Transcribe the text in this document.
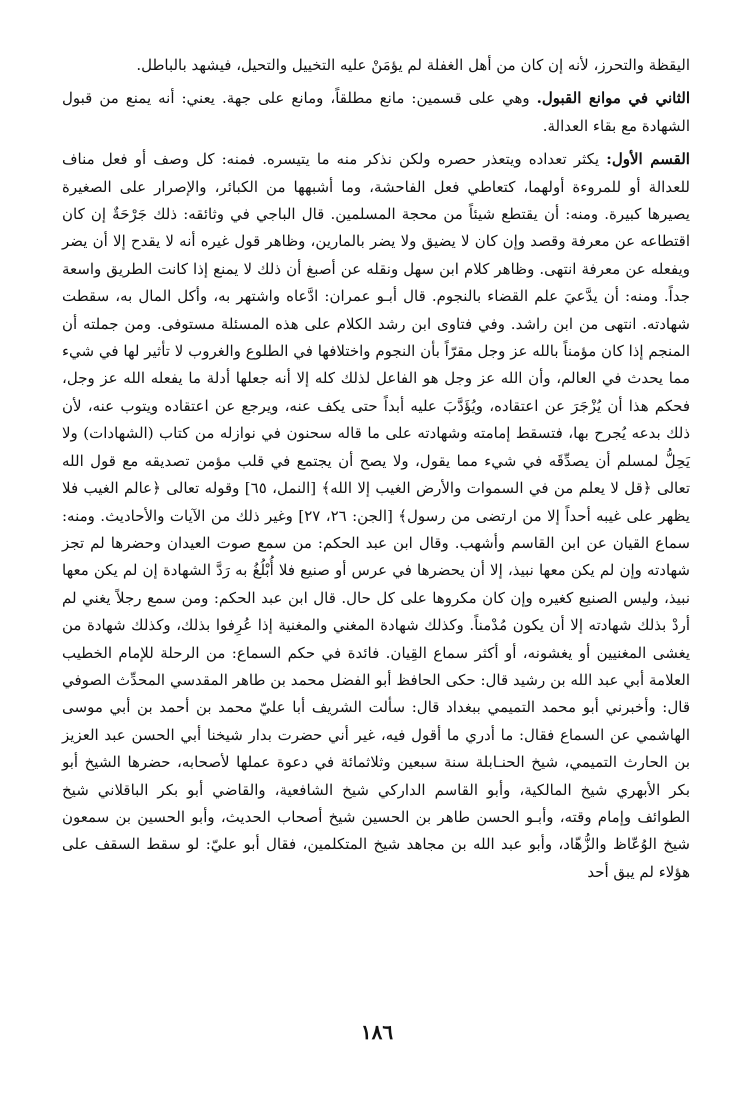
اليقظة والتحرز، لأنه إن كان من أهل الغفلة لم يؤمَنْ عليه التخييل والتحيل، فيشهد بالباطل.

الثاني في موانع القبول. وهي على قسمين: مانع مطلقاً، ومانع على جهة. يعني: أنه يمنع من قبول الشهادة مع بقاء العدالة.

القسم الأول: يكثر تعداده ويتعذر حصره ولكن نذكر منه ما يتيسره. فمنه: كل وصف أو فعل مناف للعدالة أو للمروءة أولهما، كتعاطي فعل الفاحشة، وما أشبهها من الكبائر، والإصرار على الصغيرة يصيرها كبيرة. ومنه: أن يقتطع شيئاً من محجة المسلمين. قال الباجي في وثائقه: ذلك جَرْحَةٌ إن كان اقتطاعه عن معرفة وقصد وإن كان لا يضيق ولا يضر بالمارين، وظاهر قول غيره أنه لا يقدح إلا أن يضر ويفعله عن معرفة انتهى. وظاهر كلام ابن سهل ونقله عن أصبغ أن ذلك لا يمنع إذا كانت الطريق واسعة جداً. ومنه: أن يدَّعيَ علم القضاء بالنجوم. قال أبـو عمران: ادَّعاه واشتهر به، وأكل المال به، سقطت شهادته. انتهى من ابن راشد. وفي فتاوى ابن رشد الكلام على هذه المسئلة مستوفى. ومن جملته أن المنجم إذا كان مؤمناً بالله عز وجل مقرّاً بأن النجوم واختلافها في الطلوع والغروب لا تأثير لها في شيء مما يحدث في العالم، وأن الله عز وجل هو الفاعل لذلك كله إلا أنه جعلها أدلة ما يفعله الله عز وجل، فحكم هذا أن يُزْجَرَ عن اعتقاده، ويُؤَدَّبَ عليه أبداً حتى يكف عنه، ويرجع عن اعتقاده ويتوب عنه، لأن ذلك بدعه يُجرح بها، فتسقط إمامته وشهادته على ما قاله سحنون في نوازله من كتاب (الشهادات) ولا يَحِلُّ لمسلم أن يصدِّقَه في شيء مما يقول، ولا يصح أن يجتمع في قلب مؤمن تصديقه مع قول الله تعالى ﴿قل لا يعلم من في السموات والأرض الغيب إلا الله﴾ [النمل، ٦٥] وقوله تعالى ﴿عالم الغيب فلا يظهر على غيبه أحداً إلا من ارتضى من رسول﴾ [الجن: ٢٦، ٢٧] وغير ذلك من الآيات والأحاديث. ومنه: سماع القيان عن ابن القاسم وأشهب. وقال ابن عبد الحكم: من سمع صوت العيدان وحضرها لم تجز شهادته وإن لم يكن معها نبيذ، إلا أن يحضرها في عرس أو صنيع فلا أُبْلُغُ به رَدَّ الشهادة إن لم يكن معها نبيذ، وليس الصنيع كغيره وإن كان مكروها على كل حال. قال ابن عبد الحكم: ومن سمع رجلاً يغني لم أردْ بذلك شهادته إلا أن يكون مُدْمناً. وكذلك شهادة المغني والمغنية إذا عُرِفوا بذلك، وكذلك شهادة من يغشى المغنيين أو يغشونه، أو أكثر سماع القِيان. فائدة في حكم السماع: من الرحلة للإمام الخطيب العلامة أبي عبد الله بن رشيد قال: حكى الحافظ أبو الفضل محمد بن طاهر المقدسي المحدِّث الصوفي قال: وأخبرني أبو محمد التميمي ببغداد قال: سألت الشريف أبا عليّ محمد بن أحمد بن أبي موسى الهاشمي عن السماع فقال: ما أدري ما أقول فيه، غير أني حضرت بدار شيخنا أبي الحسن عبد العزيز بن الحارث التميمي، شيخ الحنـابلة سنة سبعين وثلاثمائة في دعوة عملها لأصحابه، حضرها الشيخ أبو بكر الأبهري شيخ المالكية، وأبو القاسم الداركي شيخ الشافعية، والقاضي أبو بكر الباقلاني شيخ الطوائف وإمام وقته، وأبـو الحسن طاهر بن الحسين شيخ أصحاب الحديث، وأبو الحسين بن سمعون شيخ الوُعّاظ والزُّهّاد، وأبو عبد الله بن مجاهد شيخ المتكلمين، فقال أبو عليّ: لو سقط السقف على هؤلاء لم يبق أحد

١٨٦
